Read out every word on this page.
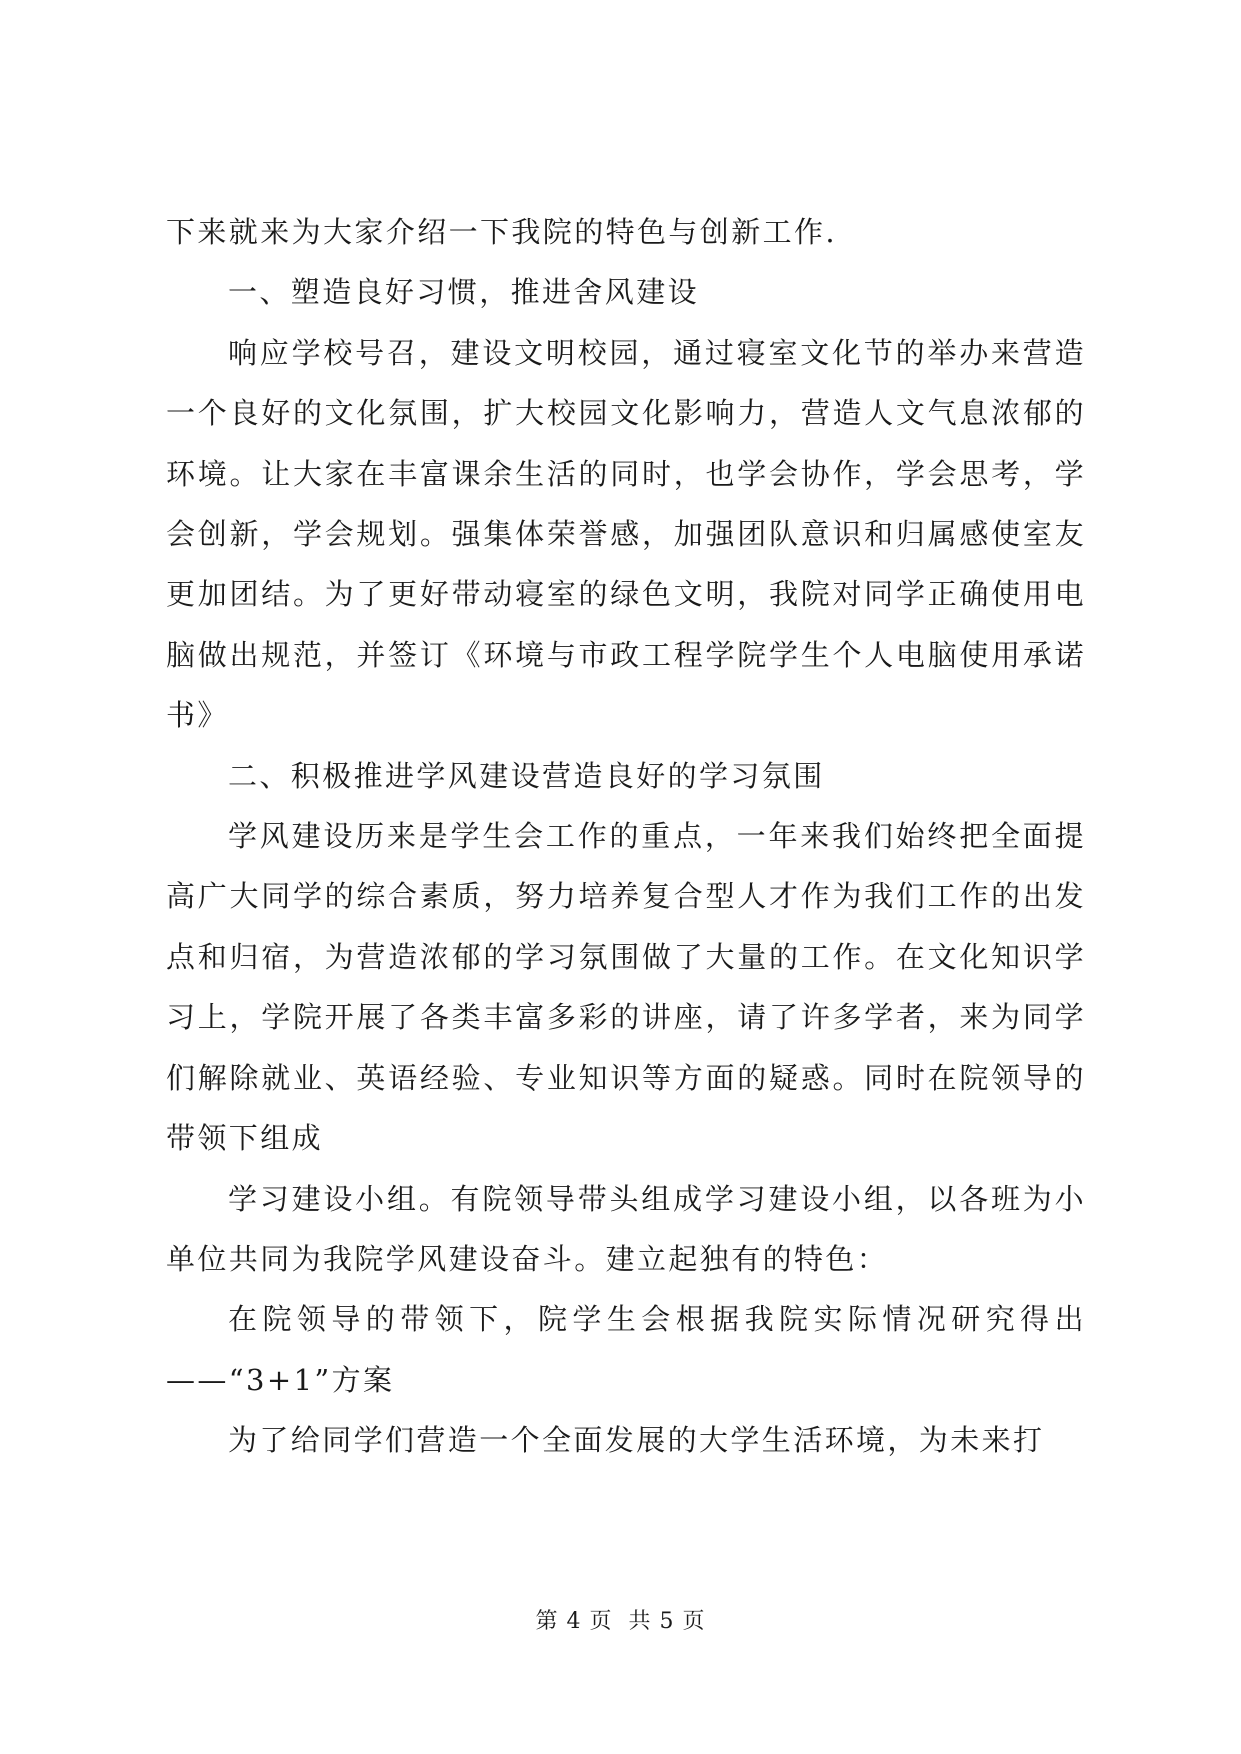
下来就来为大家介绍一下我院的特色与创新工作.

一、塑造良好习惯，推进舍风建设

响应学校号召，建设文明校园，通过寝室文化节的举办来营造一个良好的文化氛围，扩大校园文化影响力，营造人文气息浓郁的环境。让大家在丰富课余生活的同时，也学会协作，学会思考，学会创新，学会规划。强集体荣誉感，加强团队意识和归属感使室友更加团结。为了更好带动寝室的绿色文明，我院对同学正确使用电脑做出规范，并签订《环境与市政工程学院学生个人电脑使用承诺书》

二、积极推进学风建设营造良好的学习氛围

学风建设历来是学生会工作的重点，一年来我们始终把全面提高广大同学的综合素质，努力培养复合型人才作为我们工作的出发点和归宿，为营造浓郁的学习氛围做了大量的工作。在文化知识学习上，学院开展了各类丰富多彩的讲座，请了许多学者，来为同学们解除就业、英语经验、专业知识等方面的疑惑。同时在院领导的带领下组成

学习建设小组。有院领导带头组成学习建设小组，以各班为小单位共同为我院学风建设奋斗。建立起独有的特色：

在院领导的带领下，院学生会根据我院实际情况研究得出——“3+1”方案

为了给同学们营造一个全面发展的大学生活环境，为未来打

第 4 页  共 5 页
